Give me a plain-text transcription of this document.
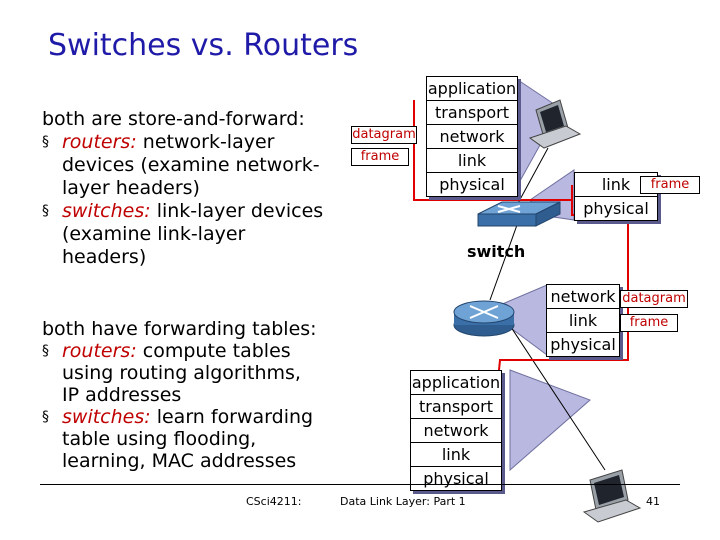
Switches vs. Routers
both are store-and-forward:
§ routers: network-layer
devices (examine network-
layer headers)
§ switches: link-layer devices
(examine link-layer
headers)
both have forwarding tables:
§ routers: compute tables
using routing algorithms,
IP addresses
§ switches: learn forwarding
table using flooding,
learning, MAC addresses
application
transport
network
link
physical
datagram
frame
link
physical
frame
switch
network
link
physical
datagram
frame
application
transport
network
link
physical
CSci4211:	Data Link Layer: Part 1	41
